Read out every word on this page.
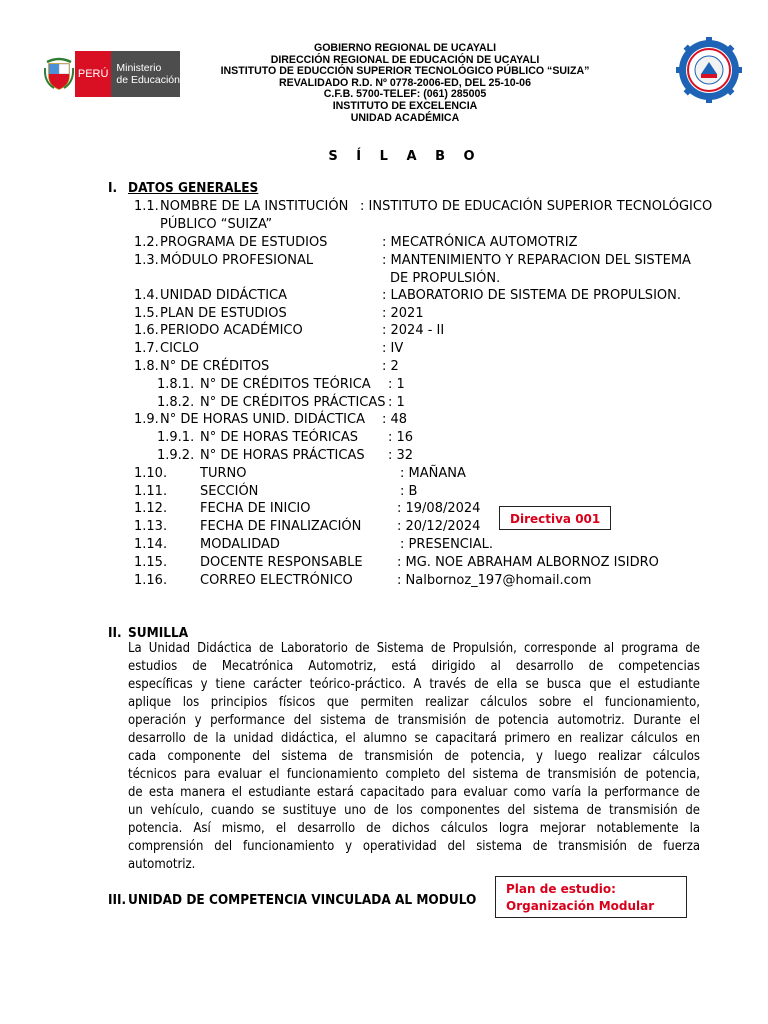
PERÚ Ministerio
de Educación
GOBIERNO REGIONAL DE UCAYALI
DIRECCIÓN REGIONAL DE EDUCACIÓN DE UCAYALI
INSTITUTO DE EDUCCIÓN SUPERIOR TECNOLÓGICO PÚBLICO “SUIZA”
REVALIDADO R.D. Nº 0778-2006-ED, DEL 25-10-06
C.F.B. 5700-TELEF: (061) 285005
INSTITUTO DE EXCELENCIA
UNIDAD ACADÉMICA
S Í L A B O
I. DATOS GENERALES
1.1. NOMBRE DE LA INSTITUCIÓN : INSTITUTO DE EDUCACIÓN SUPERIOR TECNOLÓGICO
PÚBLICO “SUIZA”
1.2. PROGRAMA DE ESTUDIOS	: MECATRÓNICA AUTOMOTRIZ
1.3. MÓDULO PROFESIONAL	: MANTENIMIENTO Y REPARACION DEL SISTEMA
DE PROPULSIÓN.
1.4. UNIDAD DIDÁCTICA	: LABORATORIO DE SISTEMA DE PROPULSION.
1.5. PLAN DE ESTUDIOS	: 2021
1.6. PERIODO ACADÉMICO	: 2024 - II
1.7. CICLO	: IV
1.8. N° DE CRÉDITOS	: 2
1.8.1. N° DE CRÉDITOS TEÓRICA : 1
1.8.2. N° DE CRÉDITOS PRÁCTICAS : 1
1.9. N° DE HORAS UNID. DIDÁCTICA : 48
1.9.1. N° DE HORAS TEÓRICAS : 16
1.9.2. N° DE HORAS PRÁCTICAS : 32
1.10.	TURNO	: MAÑANA
1.11.	SECCIÓN	: B
1.12.	FECHA DE INICIO	: 19/08/2024
1.13.	FECHA DE FINALIZACIÓN	: 20/12/2024
1.14.	MODALIDAD	: PRESENCIAL.
1.15.	DOCENTE RESPONSABLE	: MG. NOE ABRAHAM ALBORNOZ ISIDRO
1.16.	CORREO ELECTRÓNICO	: Nalbornoz_197@homail.com
Directiva 001
II. SUMILLA
La Unidad Didáctica de Laboratorio de Sistema de Propulsión, corresponde al programa de
estudios de Mecatrónica Automotriz, está dirigido al desarrollo de competencias
específicas y tiene carácter teórico-práctico. A través de ella se busca que el estudiante
aplique los principios físicos que permiten realizar cálculos sobre el funcionamiento,
operación y performance del sistema de transmisión de potencia automotriz. Durante el
desarrollo de la unidad didáctica, el alumno se capacitará primero en realizar cálculos en
cada componente del sistema de transmisión de potencia, y luego realizar cálculos
técnicos para evaluar el funcionamiento completo del sistema de transmisión de potencia,
de esta manera el estudiante estará capacitado para evaluar como varía la performance de
un vehículo, cuando se sustituye uno de los componentes del sistema de transmisión de
potencia. Así mismo, el desarrollo de dichos cálculos logra mejorar notablemente la
comprensión del funcionamiento y operatividad del sistema de transmisión de fuerza
automotriz.
III. UNIDAD DE COMPETENCIA VINCULADA AL MODULO
Plan de estudio:
Organización Modular
